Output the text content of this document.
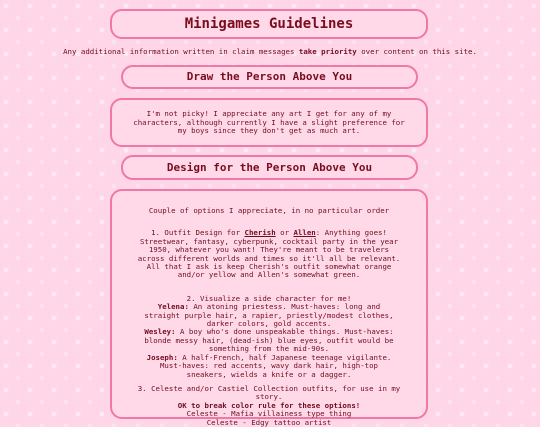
Minigames Guidelines
Any additional information written in claim messages take priority over content on this site.
Draw the Person Above You
I'm not picky! I appreciate any art I get for any of my characters, although currently I have a slight preference for my boys since they don't get as much art.
Design for the Person Above You
Couple of options I appreciate, in no particular order
1. Outfit Design for Cherish or Allen: Anything goes! Streetwear, fantasy, cyberpunk, cocktail party in the year 1950, whatever you want! They're meant to be travelers across different worlds and times so it'll all be relevant. All that I ask is keep Cherish's outfit somewhat orange and/or yellow and Allen's somewhat green.
2. Visualize a side character for me!
Yelena: An atoning priestess. Must-haves: long and straight purple hair, a rapier, priestly/modest clothes, darker colors, gold accents.
Wesley: A boy who's done unspeakable things. Must-haves: blonde messy hair, (dead-ish) blue eyes, outfit would be something from the mid-90s.
Joseph: A half-French, half Japanese teenage vigilante. Must-haves: red accents, wavy dark hair, high-top sneakers, wields a knife or a dagger.
3. Celeste and/or Castiel Collection outfits, for use in my story.
OK to break color rule for these options!
Celeste - Mafia villainess type thing
Celeste - Edgy tattoo artist
